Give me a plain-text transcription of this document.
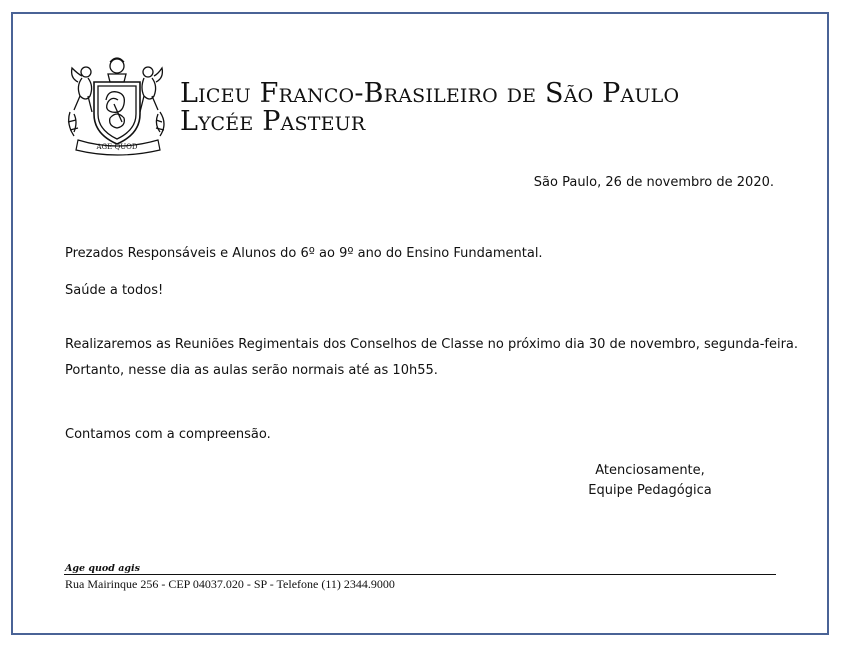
AGE QUOD
Liceu Franco-Brasileiro de São Paulo
Lycée Pasteur
São Paulo, 26 de novembro de 2020.
Prezados Responsáveis e Alunos do 6º ao 9º ano do Ensino Fundamental.
Saúde a todos!
Realizaremos as Reuniões Regimentais dos Conselhos de Classe no próximo dia 30 de novembro, segunda-feira.
Portanto, nesse dia as aulas serão normais até as 10h55.
Contamos com a compreensão.
Atenciosamente,
Equipe Pedagógica
Age quod agis
Rua Mairinque 256 - CEP 04037.020 - SP - Telefone (11) 2344.9000
